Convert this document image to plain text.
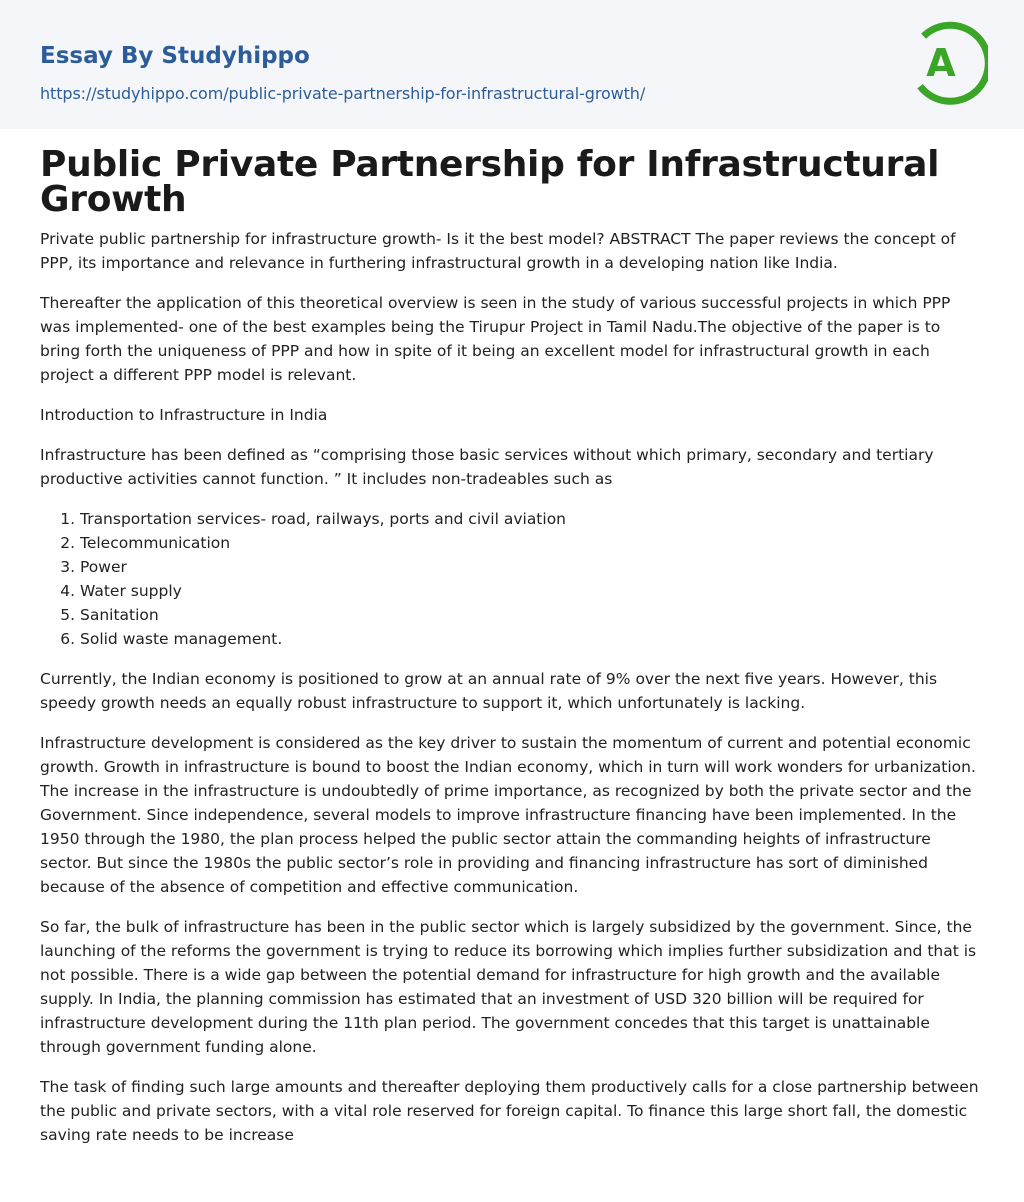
Essay By Studyhippo
https://studyhippo.com/public-private-partnership-for-infrastructural-growth/
A
Public Private Partnership for Infrastructural Growth

Private public partnership for infrastructure growth- Is it the best model? ABSTRACT The paper reviews the concept of PPP, its importance and relevance in furthering infrastructural growth in a developing nation like India.

Thereafter the application of this theoretical overview is seen in the study of various successful projects in which PPP was implemented- one of the best examples being the Tirupur Project in Tamil Nadu.The objective of the paper is to bring forth the uniqueness of PPP and how in spite of it being an excellent model for infrastructural growth in each project a different PPP model is relevant.

Introduction to Infrastructure in India

Infrastructure has been defined as “comprising those basic services without which primary, secondary and tertiary productive activities cannot function. ” It includes non-tradeables such as

1. Transportation services- road, railways, ports and civil aviation
2. Telecommunication
3. Power
4. Water supply
5. Sanitation
6. Solid waste management.

Currently, the Indian economy is positioned to grow at an annual rate of 9% over the next five years. However, this speedy growth needs an equally robust infrastructure to support it, which unfortunately is lacking.

Infrastructure development is considered as the key driver to sustain the momentum of current and potential economic growth. Growth in infrastructure is bound to boost the Indian economy, which in turn will work wonders for urbanization. The increase in the infrastructure is undoubtedly of prime importance, as recognized by both the private sector and the Government. Since independence, several models to improve infrastructure financing have been implemented. In the 1950 through the 1980, the plan process helped the public sector attain the commanding heights of infrastructure sector. But since the 1980s the public sector’s role in providing and financing infrastructure has sort of diminished because of the absence of competition and effective communication.

So far, the bulk of infrastructure has been in the public sector which is largely subsidized by the government. Since, the launching of the reforms the government is trying to reduce its borrowing which implies further subsidization and that is not possible. There is a wide gap between the potential demand for infrastructure for high growth and the available supply. In India, the planning commission has estimated that an investment of USD 320 billion will be required for infrastructure development during the 11th plan period. The government concedes that this target is unattainable through government funding alone.

The task of finding such large amounts and thereafter deploying them productively calls for a close partnership between the public and private sectors, with a vital role reserved for foreign capital. To finance this large short fall, the domestic saving rate needs to be increase
